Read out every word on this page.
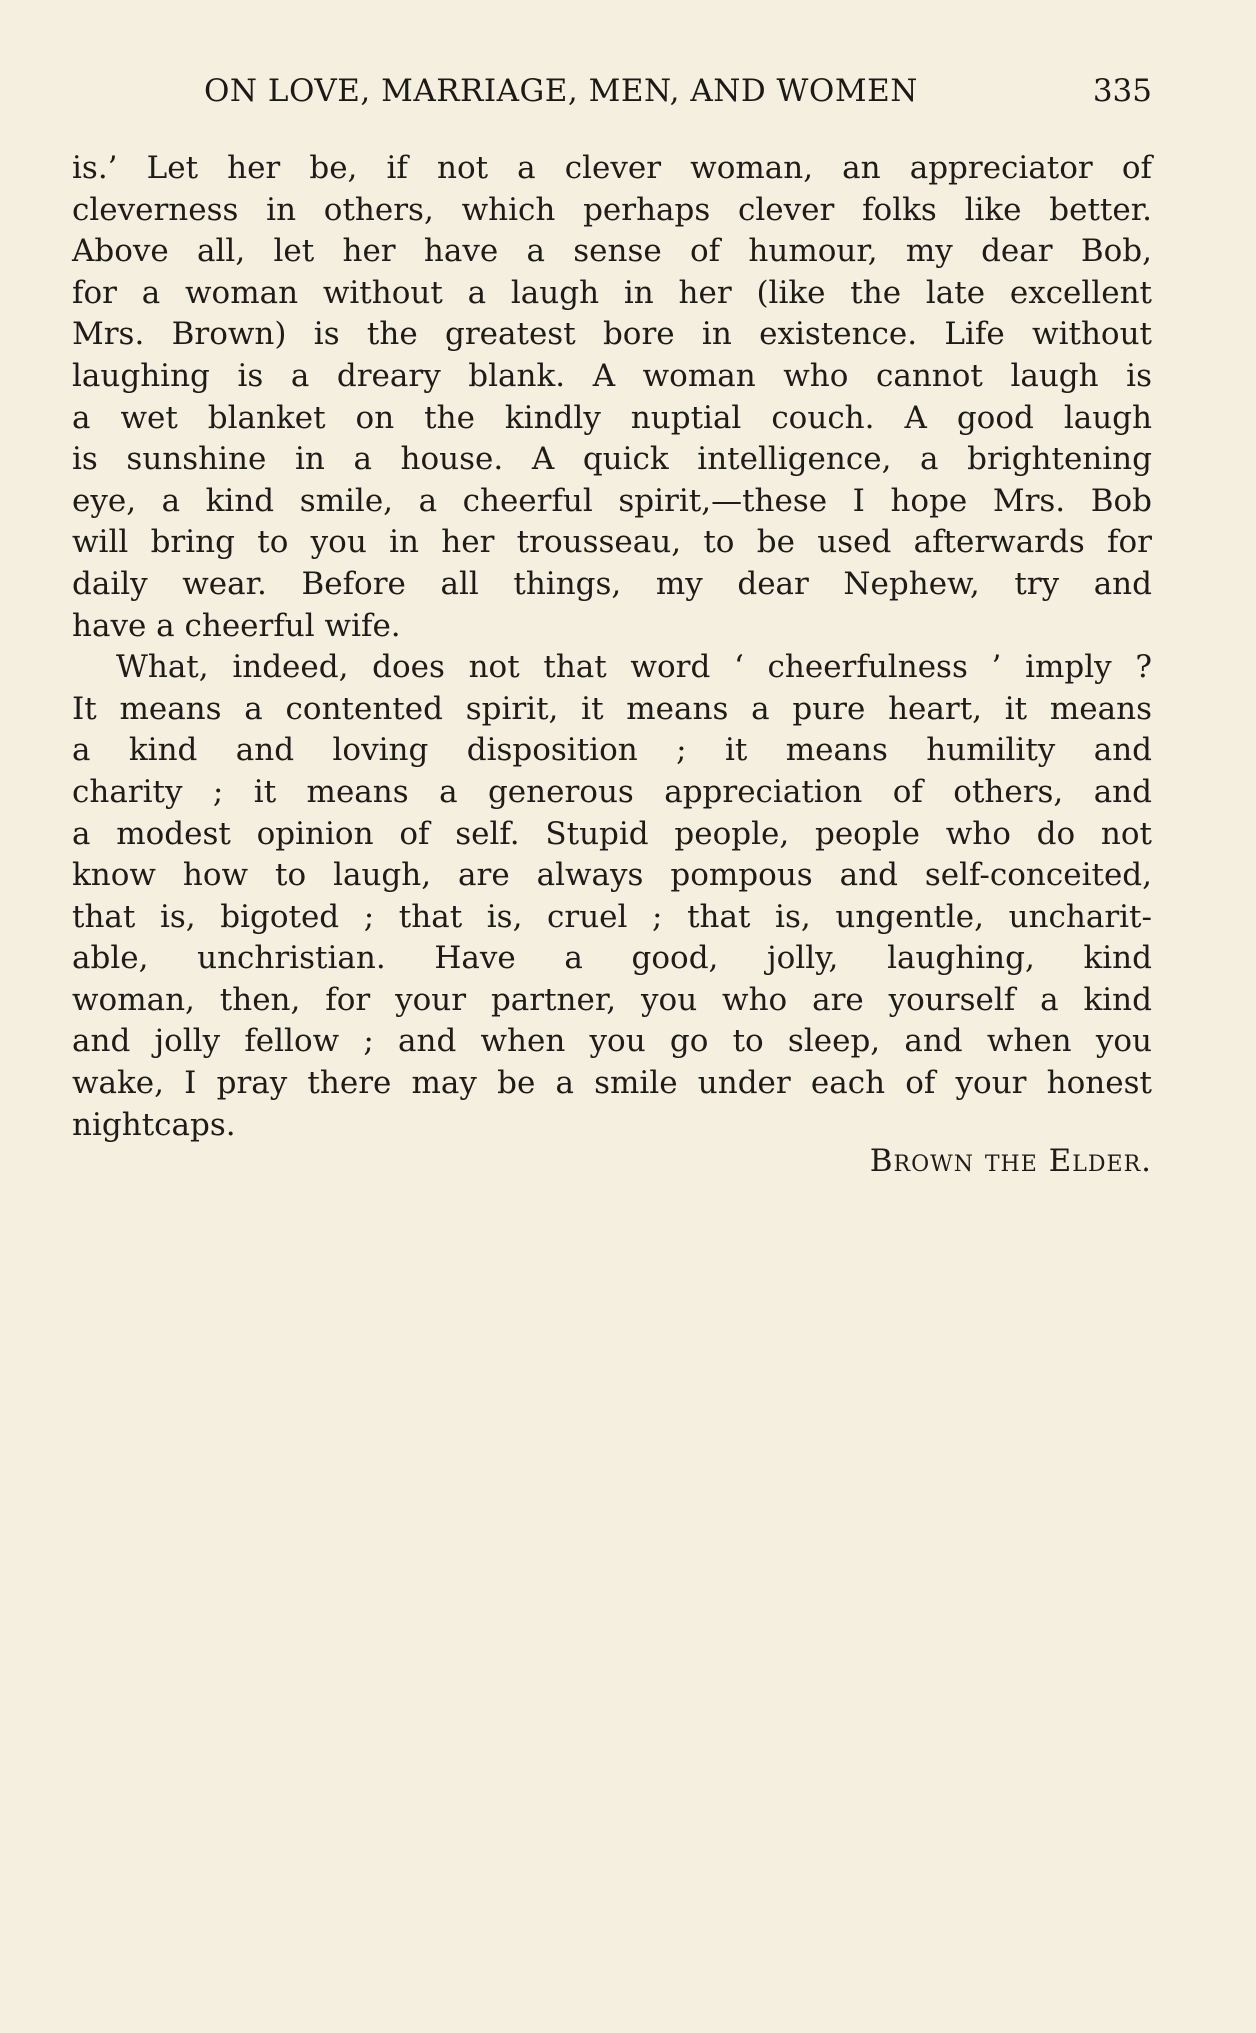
ON LOVE, MARRIAGE, MEN, AND WOMEN	335
is.’ Let her be, if not a clever woman, an appreciator of
cleverness in others, which perhaps clever folks like better.
Above all, let her have a sense of humour, my dear Bob,
for a woman without a laugh in her (like the late excellent
Mrs. Brown) is the greatest bore in existence. Life without
laughing is a dreary blank. A woman who cannot laugh is
a wet blanket on the kindly nuptial couch. A good laugh
is sunshine in a house. A quick intelligence, a brightening
eye, a kind smile, a cheerful spirit,—these I hope Mrs. Bob
will bring to you in her trousseau, to be used afterwards for
daily wear. Before all things, my dear Nephew, try and
have a cheerful wife.
What, indeed, does not that word ‘ cheerfulness ’ imply ?
It means a contented spirit, it means a pure heart, it means
a kind and loving disposition ; it means humility and
charity ; it means a generous appreciation of others, and
a modest opinion of self. Stupid people, people who do not
know how to laugh, are always pompous and self-conceited,
that is, bigoted ; that is, cruel ; that is, ungentle, uncharit-
able, unchristian. Have a good, jolly, laughing, kind
woman, then, for your partner, you who are yourself a kind
and jolly fellow ; and when you go to sleep, and when you
wake, I pray there may be a smile under each of your honest
nightcaps.
Brown the Elder.
